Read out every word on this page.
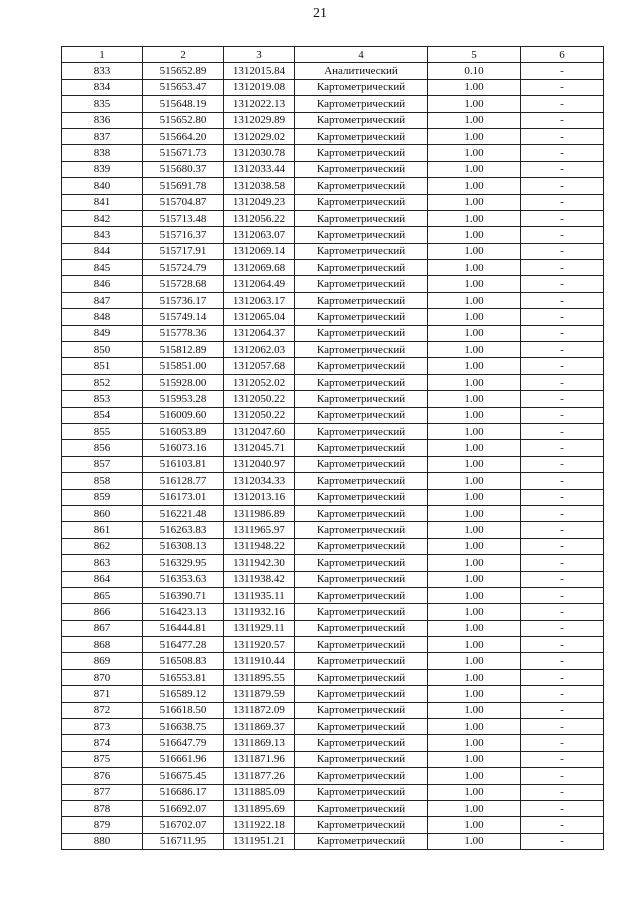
21
1	2	3	4	5	6
833	515652.89	1312015.84	Аналитический	0.10	-
834	515653.47	1312019.08	Картометрический	1.00	-
835	515648.19	1312022.13	Картометрический	1.00	-
836	515652.80	1312029.89	Картометрический	1.00	-
837	515664.20	1312029.02	Картометрический	1.00	-
838	515671.73	1312030.78	Картометрический	1.00	-
839	515680.37	1312033.44	Картометрический	1.00	-
840	515691.78	1312038.58	Картометрический	1.00	-
841	515704.87	1312049.23	Картометрический	1.00	-
842	515713.48	1312056.22	Картометрический	1.00	-
843	515716.37	1312063.07	Картометрический	1.00	-
844	515717.91	1312069.14	Картометрический	1.00	-
845	515724.79	1312069.68	Картометрический	1.00	-
846	515728.68	1312064.49	Картометрический	1.00	-
847	515736.17	1312063.17	Картометрический	1.00	-
848	515749.14	1312065.04	Картометрический	1.00	-
849	515778.36	1312064.37	Картометрический	1.00	-
850	515812.89	1312062.03	Картометрический	1.00	-
851	515851.00	1312057.68	Картометрический	1.00	-
852	515928.00	1312052.02	Картометрический	1.00	-
853	515953.28	1312050.22	Картометрический	1.00	-
854	516009.60	1312050.22	Картометрический	1.00	-
855	516053.89	1312047.60	Картометрический	1.00	-
856	516073.16	1312045.71	Картометрический	1.00	-
857	516103.81	1312040.97	Картометрический	1.00	-
858	516128.77	1312034.33	Картометрический	1.00	-
859	516173.01	1312013.16	Картометрический	1.00	-
860	516221.48	1311986.89	Картометрический	1.00	-
861	516263.83	1311965.97	Картометрический	1.00	-
862	516308.13	1311948.22	Картометрический	1.00	-
863	516329.95	1311942.30	Картометрический	1.00	-
864	516353.63	1311938.42	Картометрический	1.00	-
865	516390.71	1311935.11	Картометрический	1.00	-
866	516423.13	1311932.16	Картометрический	1.00	-
867	516444.81	1311929.11	Картометрический	1.00	-
868	516477.28	1311920.57	Картометрический	1.00	-
869	516508.83	1311910.44	Картометрический	1.00	-
870	516553.81	1311895.55	Картометрический	1.00	-
871	516589.12	1311879.59	Картометрический	1.00	-
872	516618.50	1311872.09	Картометрический	1.00	-
873	516638.75	1311869.37	Картометрический	1.00	-
874	516647.79	1311869.13	Картометрический	1.00	-
875	516661.96	1311871.96	Картометрический	1.00	-
876	516675.45	1311877.26	Картометрический	1.00	-
877	516686.17	1311885.09	Картометрический	1.00	-
878	516692.07	1311895.69	Картометрический	1.00	-
879	516702.07	1311922.18	Картометрический	1.00	-
880	516711.95	1311951.21	Картометрический	1.00	-
